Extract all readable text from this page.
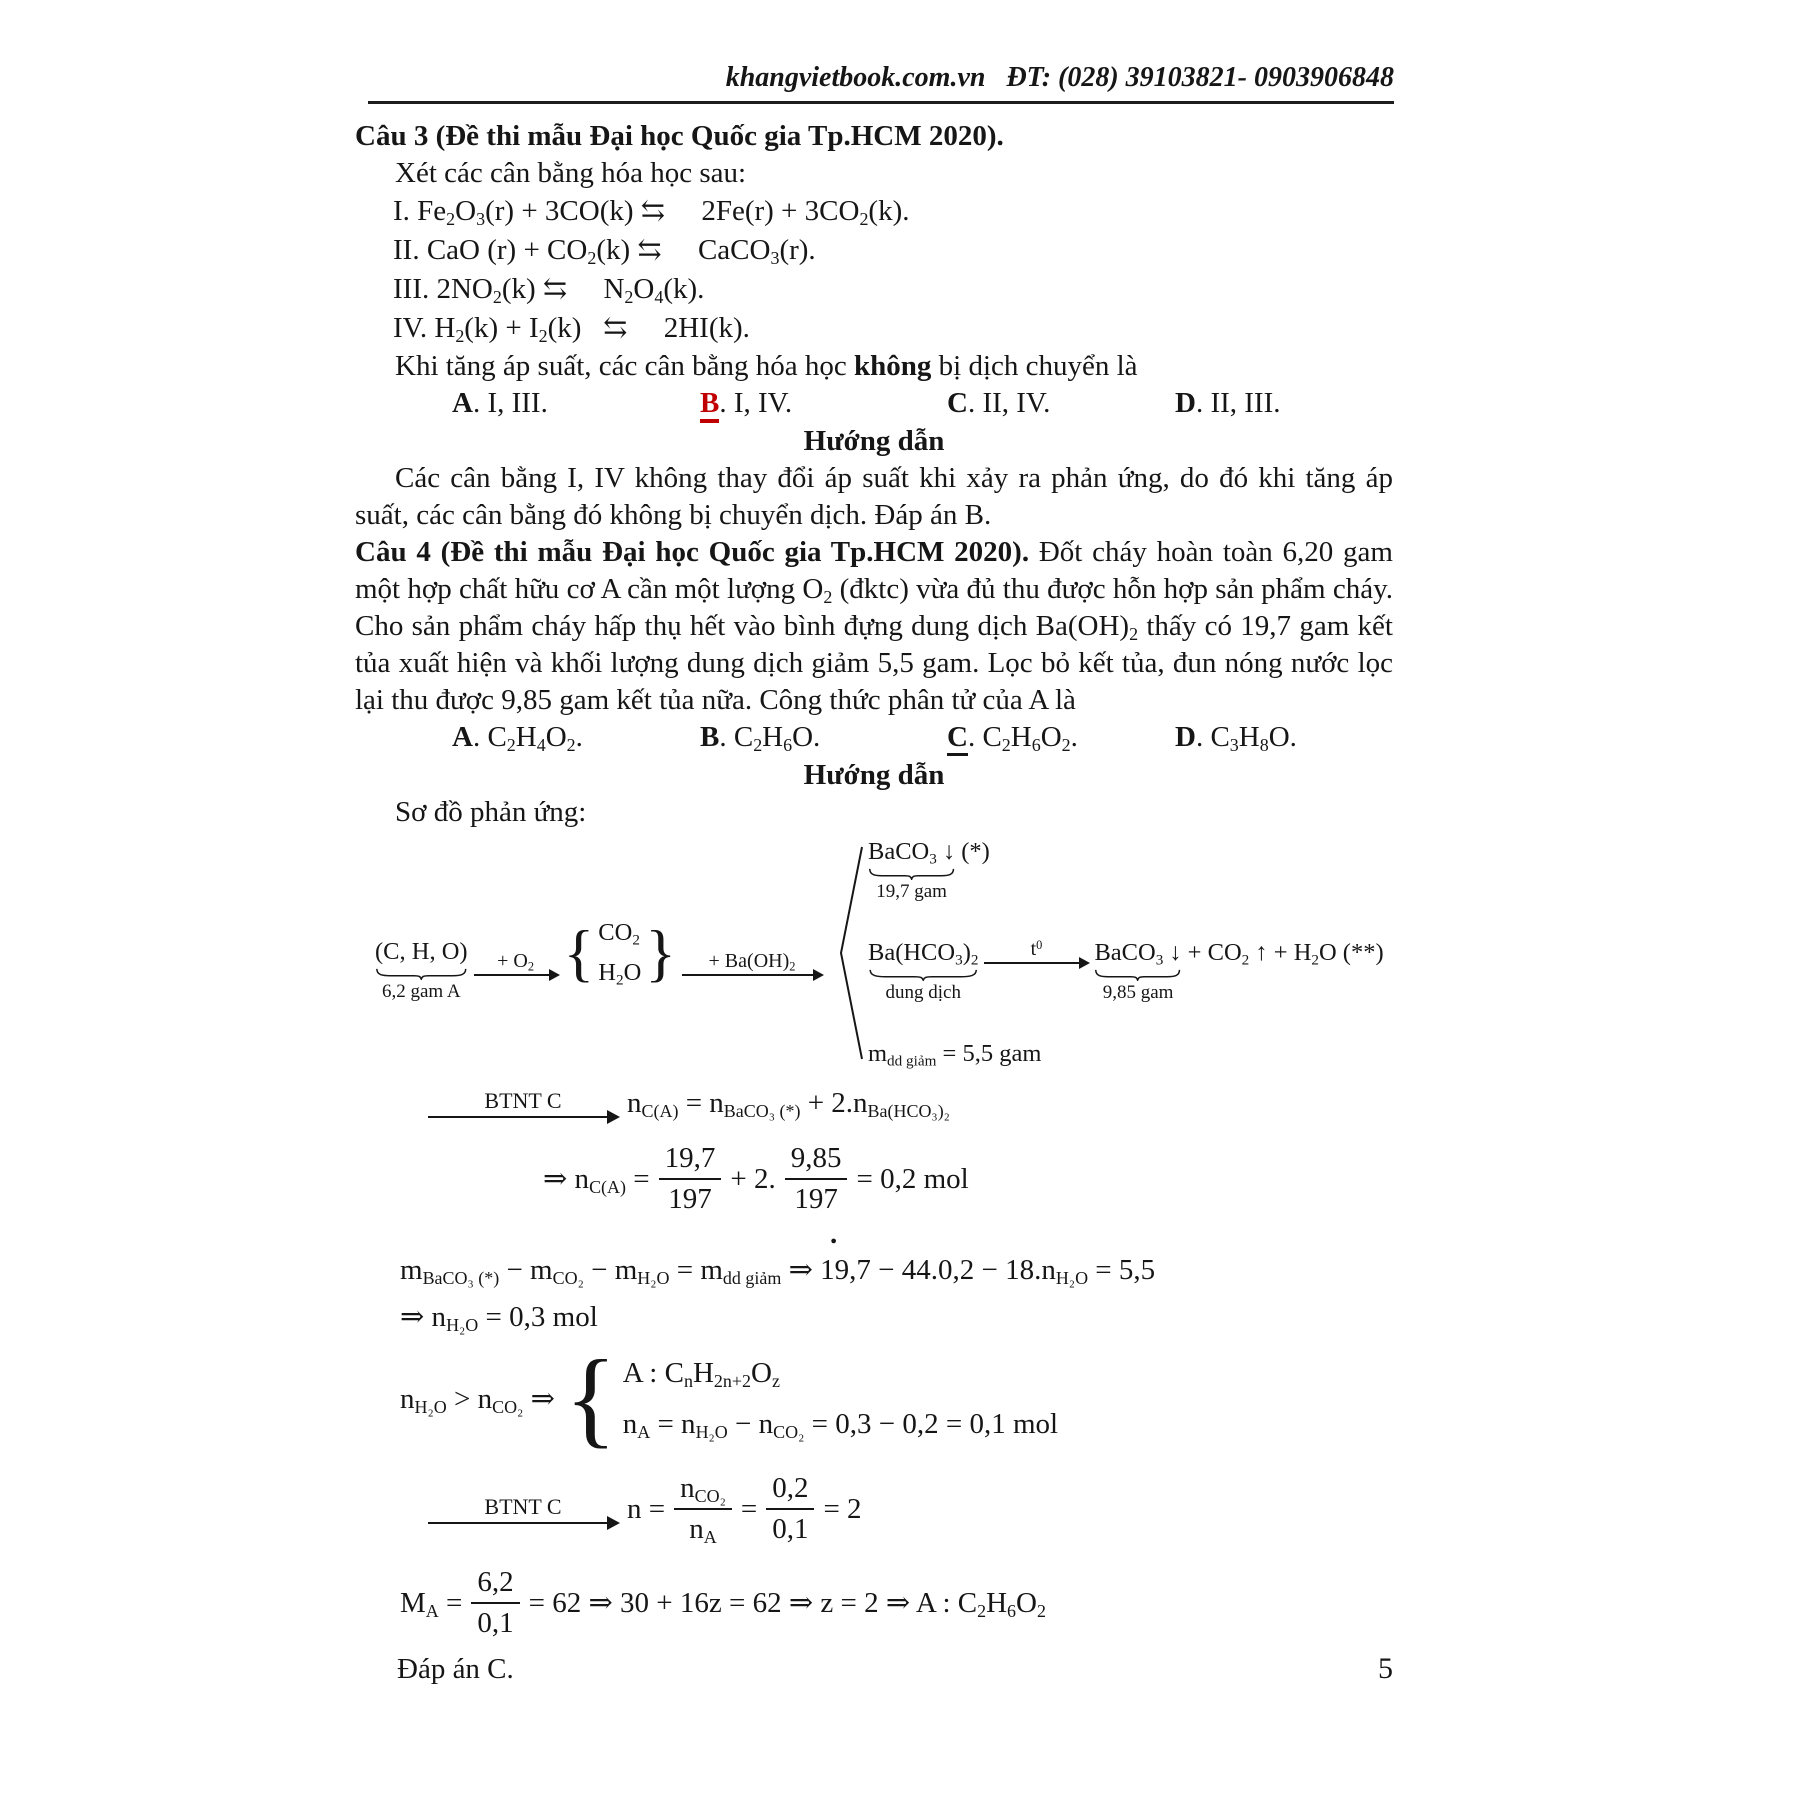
khangvietbook.com.vn  ĐT: (028) 39103821- 0903906848

Câu 3 (Đề thi mẫu Đại học Quốc gia Tp.HCM 2020).

Xét các cân bằng hóa học sau:

I. $Fe_2O_3(r) + 3CO(k)$ ⇆  $2Fe(r) + 3CO_2(k)$.

II. CaO $(r) + CO_2(k)$ ⇆  CaCO$_3$(r).

III. $2NO_2(k)$ ⇆  $N_2O_4(k)$.

IV. $H_2(k) + I_2(k)$  ⇆  2HI(k).

Khi tăng áp suất, các cân bằng hóa học không bị dịch chuyển là

A. I, III.	B. I, IV.	C. II, IV.	D. II, III.

Hướng dẫn

Các cân bằng I, IV không thay đổi áp suất khi xảy ra phản ứng, do đó khi tăng áp suất, các cân bằng đó không bị chuyển dịch. Đáp án B.

Câu 4 (Đề thi mẫu Đại học Quốc gia Tp.HCM 2020). Đốt cháy hoàn toàn 6,20 gam một hợp chất hữu cơ A cần một lượng $O_2$ (đktc) vừa đủ thu được hỗn hợp sản phẩm cháy. Cho sản phẩm cháy hấp thụ hết vào bình đựng dung dịch $Ba(OH)_2$ thấy có 19,7 gam kết tủa xuất hiện và khối lượng dung dịch giảm 5,5 gam. Lọc bỏ kết tủa, đun nóng nước lọc lại thu được 9,85 gam kết tủa nữa. Công thức phân tử của A là

A. $C_2H_4O_2$.	B. $C_2H_6O$.	C. $C_2H_6O_2$.	D. $C_3H_8O$.

Hướng dẫn

Sơ đồ phản ứng:

(C, H, O)
6,2 gam A
+ $O_2$ { $CO_2$
$H_2O$ } + $Ba(OH)_2$
BaCO$_3$ ↓
19,7 gam
(*)
$Ba(HCO_3)_2$
dung dịch
$t^0$ BaCO$_3$ ↓
9,85 gam
+ $CO_2$ ↑ + $H_2O$ (**)
$m_{dd giảm} = 5,5$ gam
BTNT C $n_{C(A)} = n_{BaCO_3 (*)} + 2.n_{Ba(HCO_3)_2}$
⇒ $n_{C(A)} = \frac{19,7}{197} + 2$. $\frac{9,85}{197} = 0,2$ mol
.

$m_{BaCO_3 (*)} - m_{CO_2} - m_{H_2O} = m_{dd giảm}$ ⇒ $19,7 - 44.0,2 - 18.n_{H_2O} = 5,5$

⇒ $n_{H_2O} = 0,3$ mol

$n_{H_2O} > n_{CO_2}$ ⇒ { A : $C_nH_{2n+2}O_z$
$n_A = n_{H_2O} - n_{CO_2} = 0,3 - 0,2 = 0,1$ mol
BTNT C n =
$n_{CO_2}$
$n_A$
= $\frac{0,2}{0,1} = 2$
$M_A = \frac{6,2}{0,1} = 62$ ⇒ 30 + 16z = 62 ⇒ z = 2 ⇒ A : $C_2H_6O_2$

Đáp án C.	5
